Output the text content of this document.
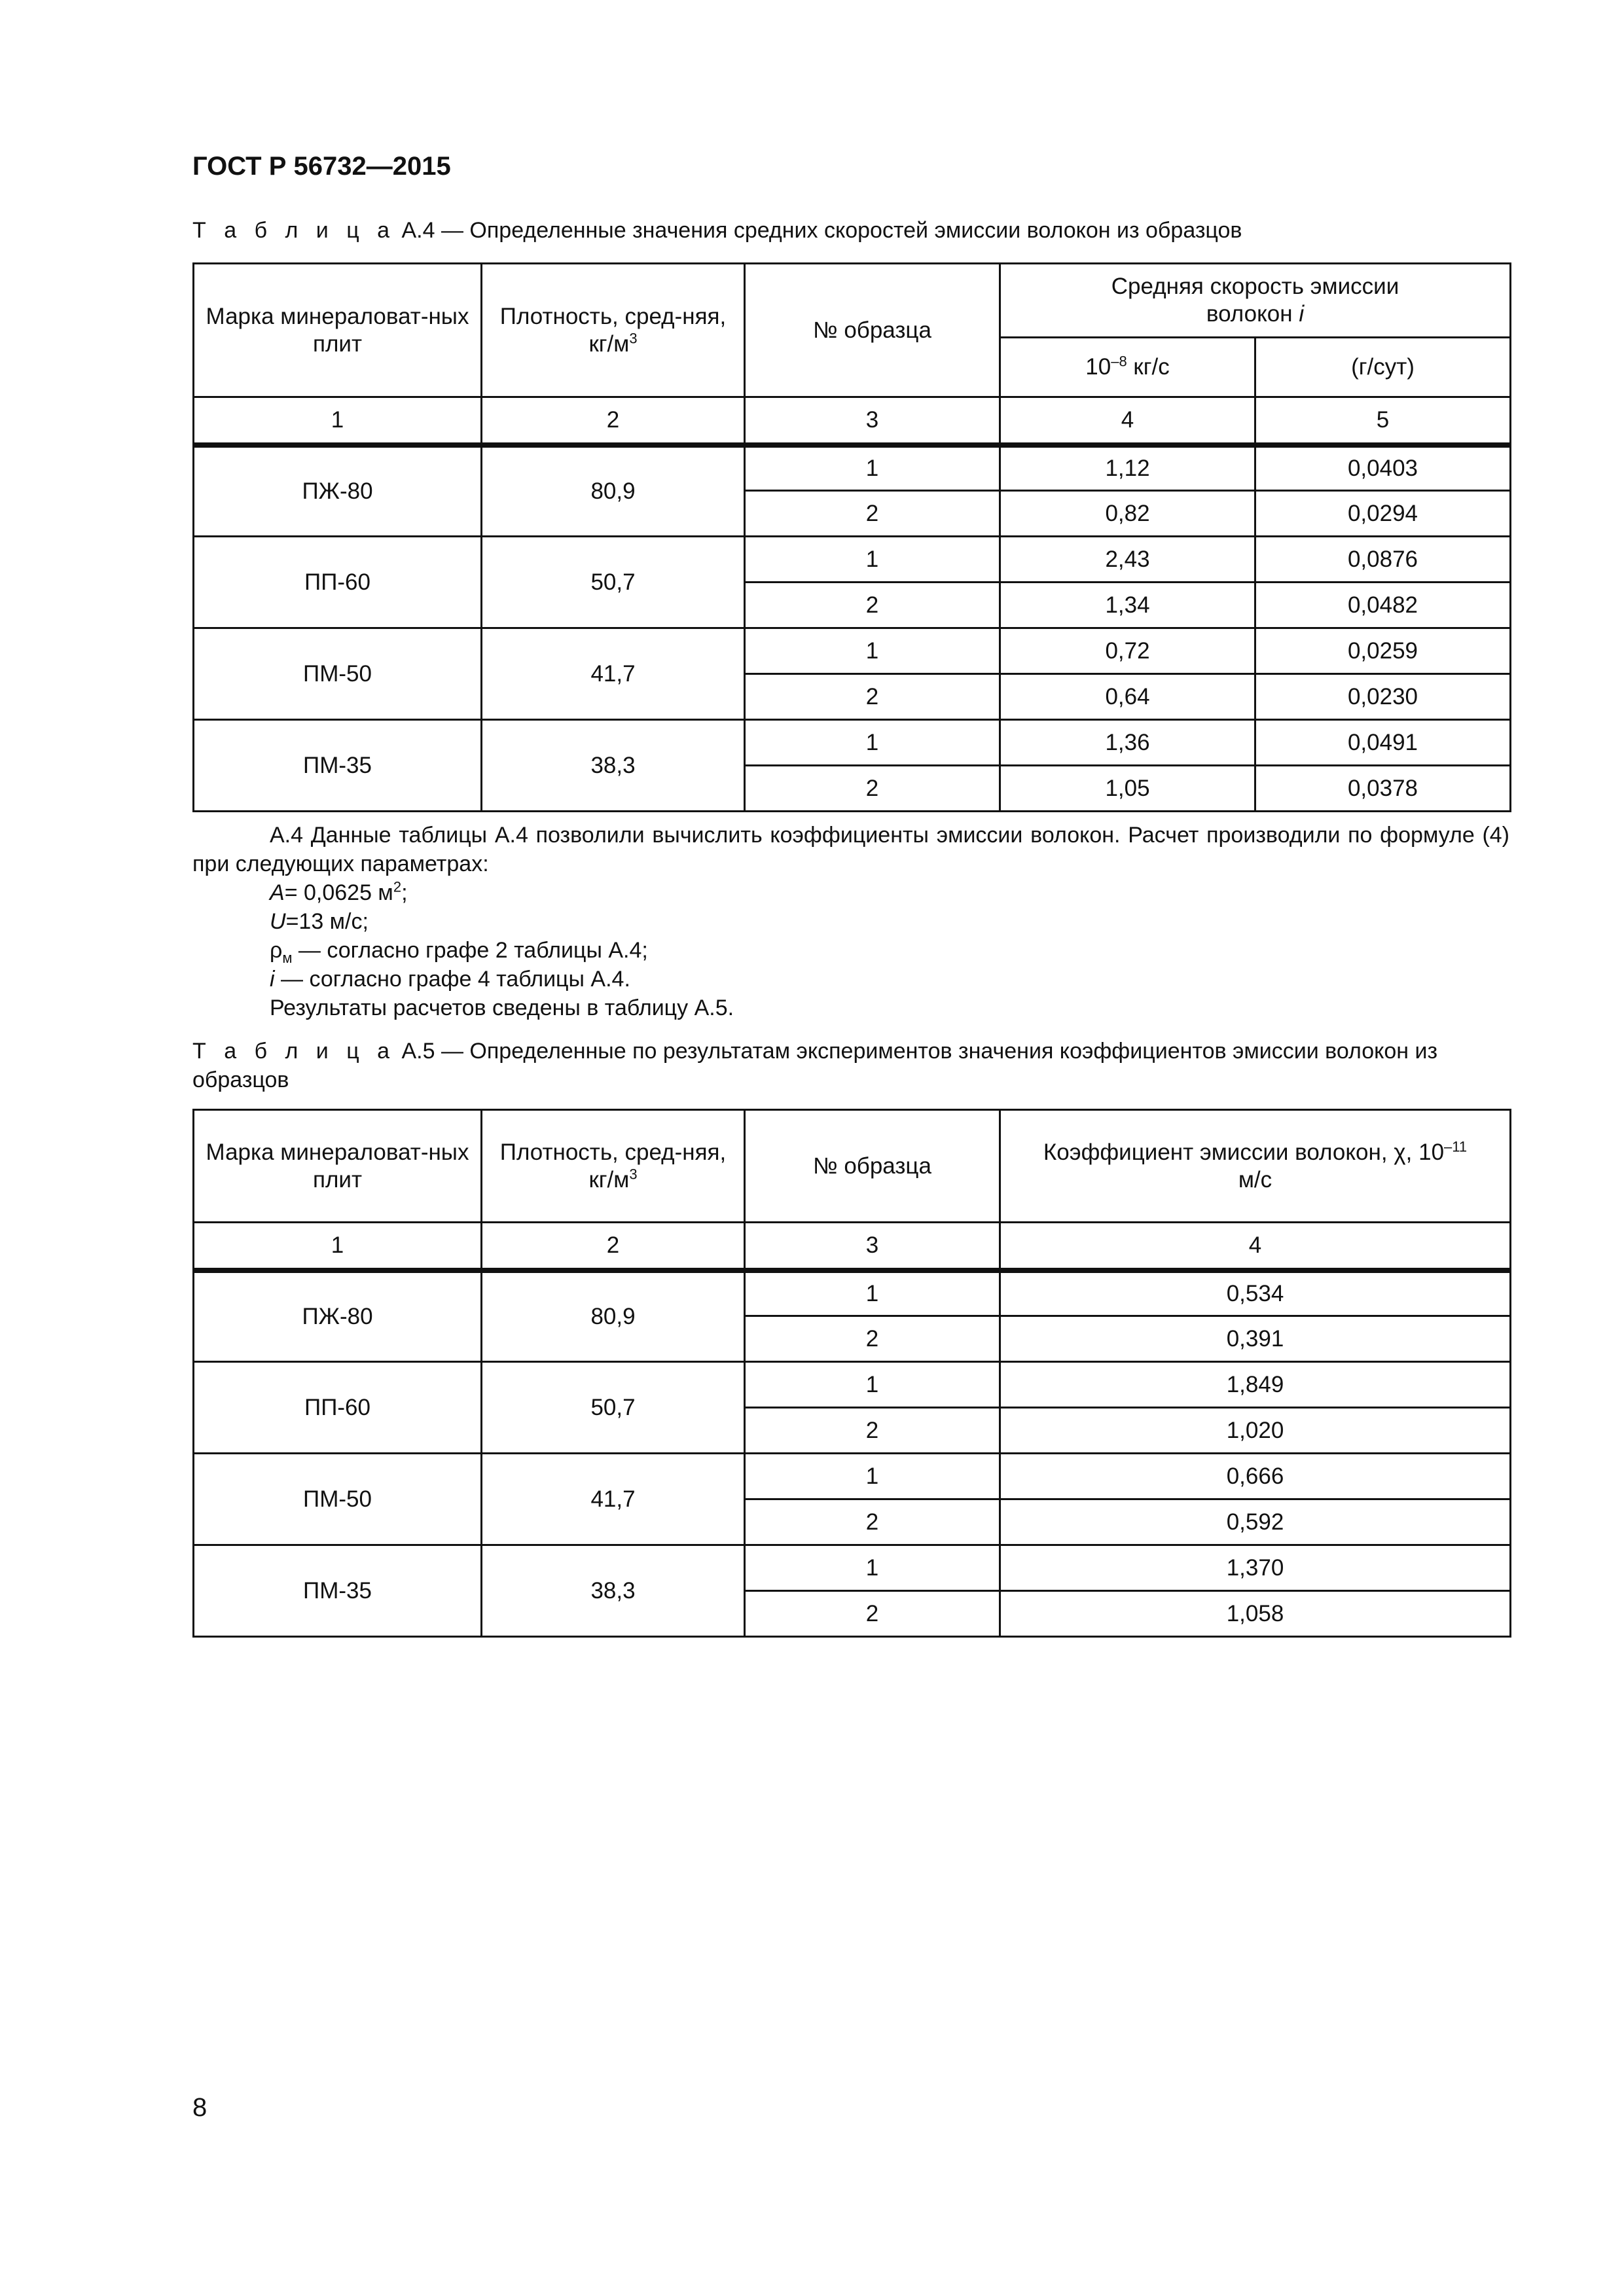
ГОСТ Р 56732—2015
Т а б л и ц а А.4 — Определенные значения средних скоростей эмиссии волокон из образцов
Марка минераловат-ных плит	Плотность, сред-няя, $кг/м^3$	№ образца	Средняя скорость эмиссии
волокон i	
			$10^{-8}$ кг/с	(г/сут)
1	2	3	4	5
ПЖ-80	80,9	1	1,12	0,0403
		2	0,82	0,0294
ПП-60	50,7	1	2,43	0,0876
		2	1,34	0,0482
ПМ-50	41,7	1	0,72	0,0259
		2	0,64	0,0230
ПМ-35	38,3	1	1,36	0,0491
		2	1,05	0,0378
А.4 Данные таблицы А.4 позволили вычислить коэффициенты эмиссии волокон. Расчет производили по формуле (4) при следующих параметрах:
A= 0,0625 $м^2$;
U=13 м/с;
$\rho_м$ — согласно графе 2 таблицы А.4;
i — согласно графе 4 таблицы А.4.
Результаты расчетов сведены в таблицу А.5.
Т а б л и ц а А.5 — Определенные по результатам экспериментов значения коэффициентов эмиссии волокон из образцов
Марка минераловат-ных плит	Плотность, сред-няя, $кг/м^3$	№ образца	Коэффициент эмиссии волокон, χ, $10^{-11}$
м/с
1	2	3	4
ПЖ-80	80,9	1	0,534
		2	0,391
ПП-60	50,7	1	1,849
		2	1,020
ПМ-50	41,7	1	0,666
		2	0,592
ПМ-35	38,3	1	1,370
		2	1,058
8
